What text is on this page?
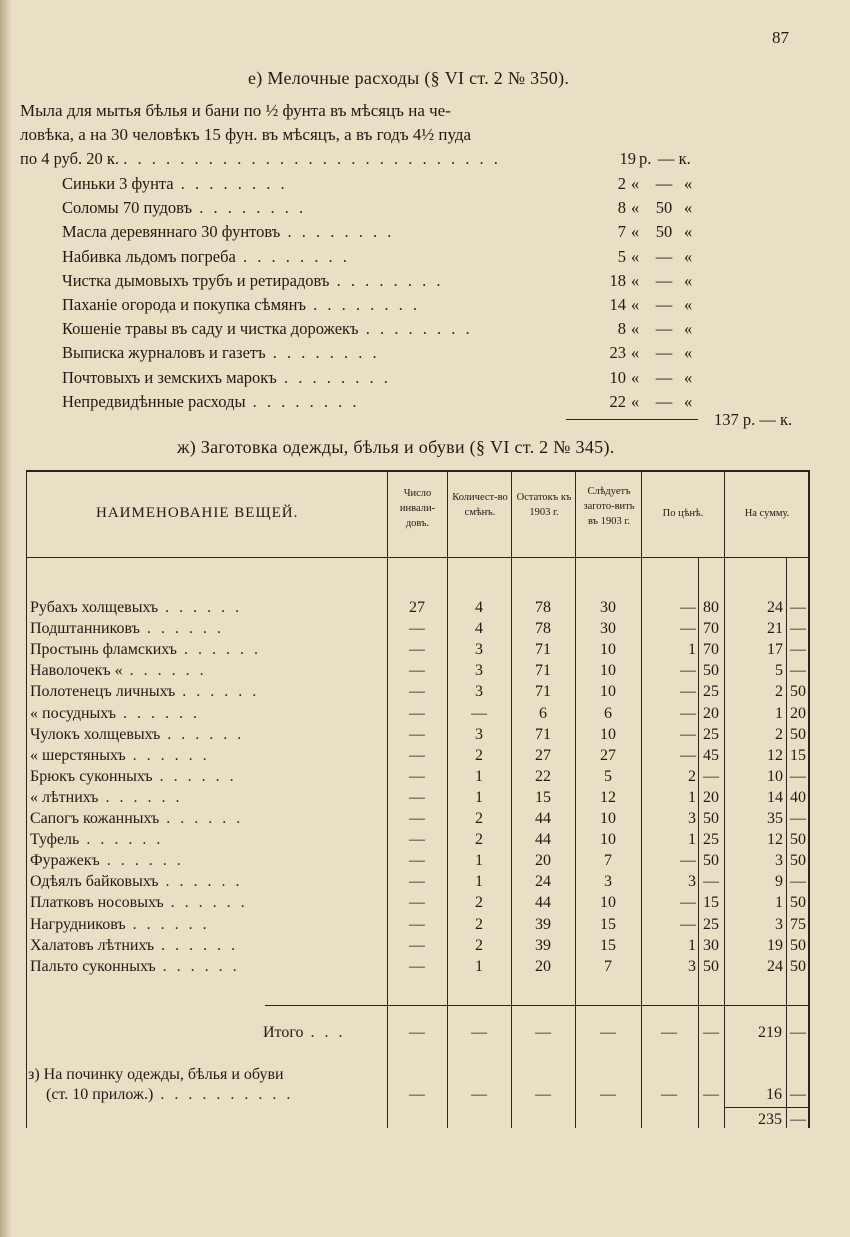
87
е) Мелочные расходы (§ VI ст. 2 № 350).
Мыла для мытья бѣлья и бани по ½ фунта въ мѣсяцъ на че-
ловѣка, а на 30 человѣкъ 15 фун. въ мѣсяцъ, а въ годъ 4½ пуда
по 4 руб. 20 к. . . . . . . . . . . . . . . . . . . . . . . . . . . .	19 р. — к.
Синьки 3 фунта . . . . . . . .	2 « — «
Соломы 70 пудовъ . . . . . . . .	8 « 50 «
Масла деревяннаго 30 фунтовъ . . . . . . . .	7 « 50 «
Набивка льдомъ погреба . . . . . . . .	5 « — «
Чистка дымовыхъ трубъ и ретирадовъ . . . . . . . .	18 « — «
Паханіе огорода и покупка сѣмянъ . . . . . . . .	14 « — «
Кошеніе травы въ саду и чистка дорожекъ . . . . . . . .	8 « — «
Выписка журналовъ и газетъ . . . . . . . .	23 « — «
Почтовыхъ и земскихъ марокъ . . . . . . . .	10 « — «
Непредвидѣнные расходы . . . . . . . .	22 « — «
137 р. — к.
ж) Заготовка одежды, бѣлья и обуви (§ VI ст. 2 № 345).
НАИМЕНОВАНІЕ ВЕЩЕЙ.
Число инвали-довъ.
Количест-во смѣнъ.
Остатокъ къ 1903 г.
Слѣдуетъ загото-вить въ 1903 г.
По цѣнѣ.	На сумму.
Рубахъ холщевыхъ . . . . . .	27	4	78	30	— 80	24 —
Подштанниковъ . . . . . .	—	4	78	30	— 70	21 —
Простынь фламскихъ . . . . . .	—	3	71	10	1 70	17 —
Наволочекъ « . . . . . .	—	3	71	10	— 50	5 —
Полотенецъ личныхъ . . . . . .	—	3	71	10	— 25	2 50
« посудныхъ . . . . . .	—	—	6	6	— 20	1 20
Чулокъ холщевыхъ . . . . . .	—	3	71	10	— 25	2 50
« шерстяныхъ . . . . . .	—	2	27	27	— 45	12 15
Брюкъ суконныхъ . . . . . .	—	1	22	5	2 —	10 —
« лѣтнихъ . . . . . .	—	1	15	12	1 20	14 40
Сапогъ кожанныхъ . . . . . .	—	2	44	10	3 50	35 —
Туфель . . . . . .	—	2	44	10	1 25	12 50
Фуражекъ . . . . . .	—	1	20	7	— 50	3 50
Одѣялъ байковыхъ . . . . . .	—	1	24	3	3 —	9 —
Платковъ носовыхъ . . . . . .	—	2	44	10	— 15	1 50
Нагрудниковъ . . . . . .	—	2	39	15	— 25	3 75
Халатовъ лѣтнихъ . . . . . .	—	2	39	15	1 30	19 50
Пальто суконныхъ . . . . . .	—	1	20	7	3 50	24 50
Итого . . .	—	—	—	—	—	—	219 —
з) На починку одежды, бѣлья и обуви
(ст. 10 прилож.) . . . . . . . . . .	—	—	—	—	—	—	16 —
235 —
